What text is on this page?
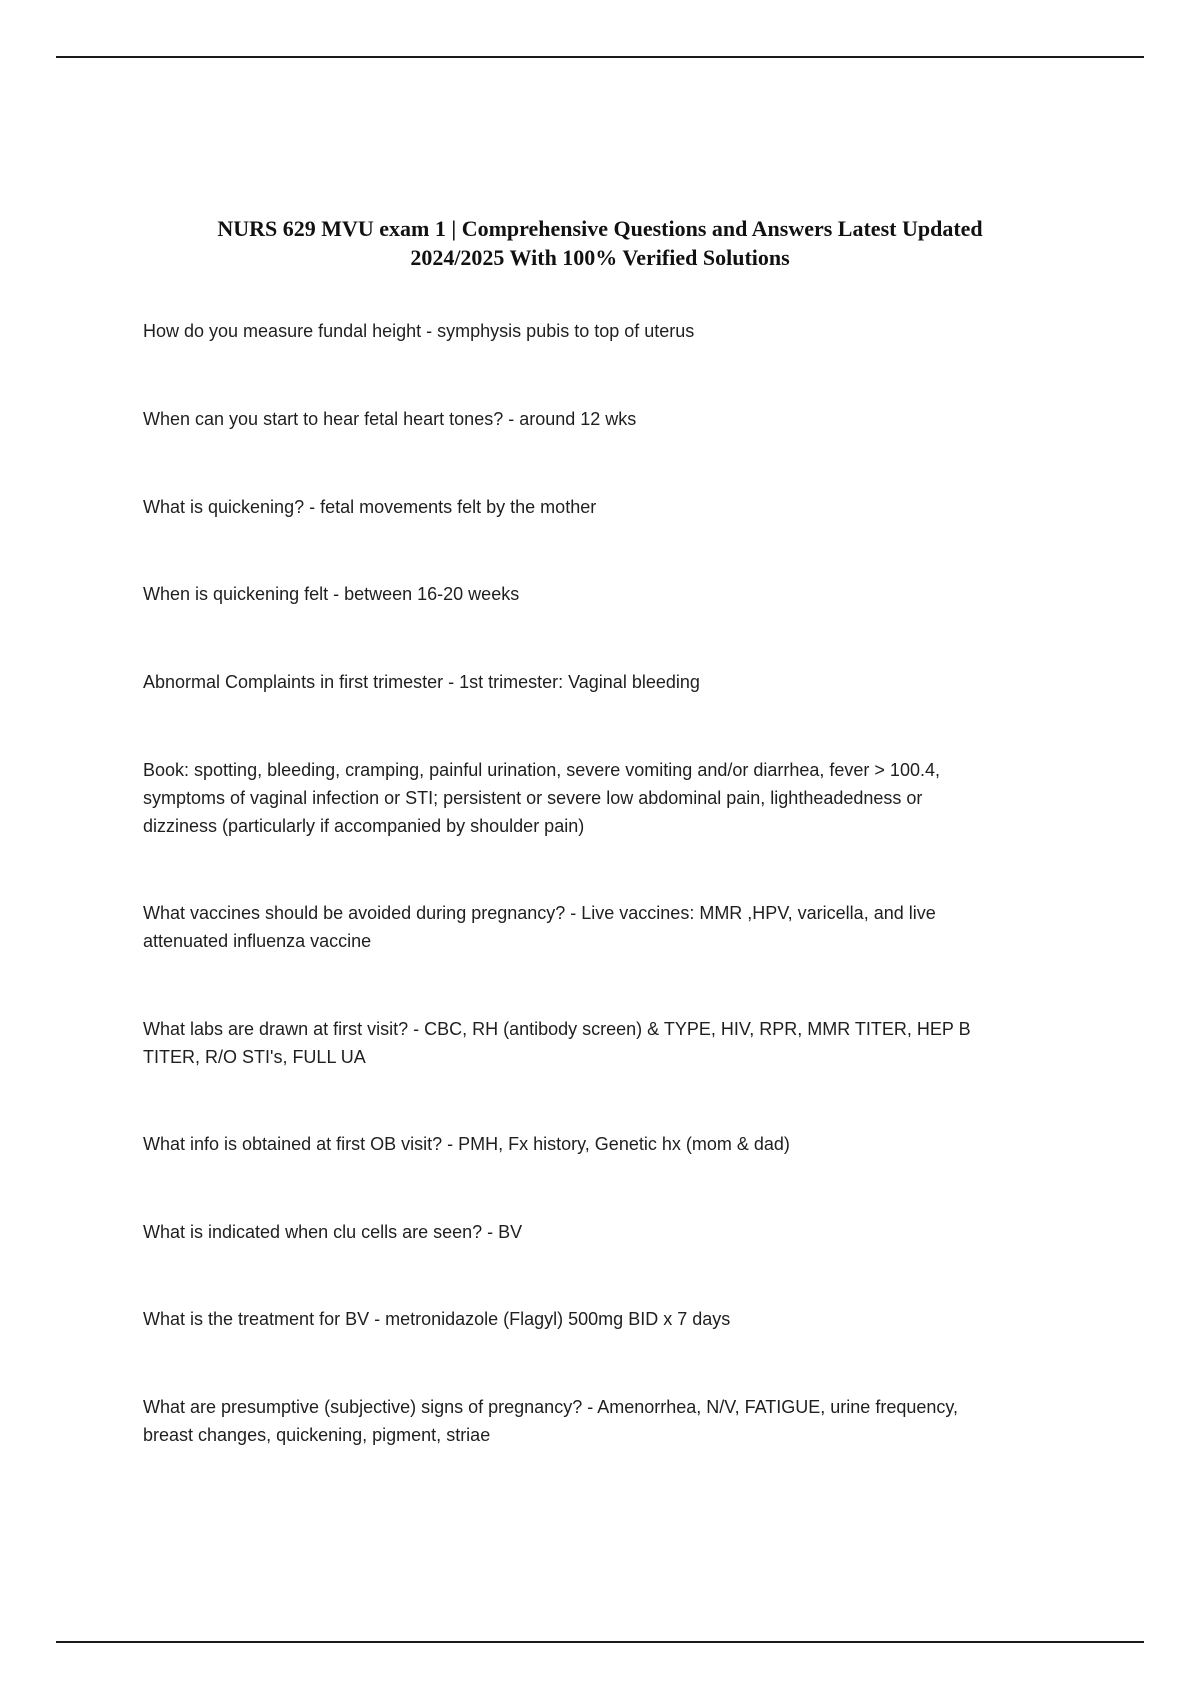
NURS 629 MVU exam 1 | Comprehensive Questions and Answers Latest Updated
2024/2025 With 100% Verified Solutions
How do you measure fundal height - symphysis pubis to top of uterus
When can you start to hear fetal heart tones? - around 12 wks
What is quickening? - fetal movements felt by the mother
When is quickening felt - between 16-20 weeks
Abnormal Complaints in first trimester - 1st trimester: Vaginal bleeding
Book: spotting, bleeding, cramping, painful urination, severe vomiting and/or diarrhea, fever > 100.4,
symptoms of vaginal infection or STI; persistent or severe low abdominal pain, lightheadedness or
dizziness (particularly if accompanied by shoulder pain)
What vaccines should be avoided during pregnancy? - Live vaccines: MMR ,HPV, varicella, and live
attenuated influenza vaccine
What labs are drawn at first visit? - CBC, RH (antibody screen) & TYPE, HIV, RPR, MMR TITER, HEP B
TITER, R/O STI's, FULL UA
What info is obtained at first OB visit? - PMH, Fx history, Genetic hx (mom & dad)
What is indicated when clu cells are seen? - BV
What is the treatment for BV - metronidazole (Flagyl) 500mg BID x 7 days
What are presumptive (subjective) signs of pregnancy? - Amenorrhea, N/V, FATIGUE, urine frequency,
breast changes, quickening, pigment, striae
